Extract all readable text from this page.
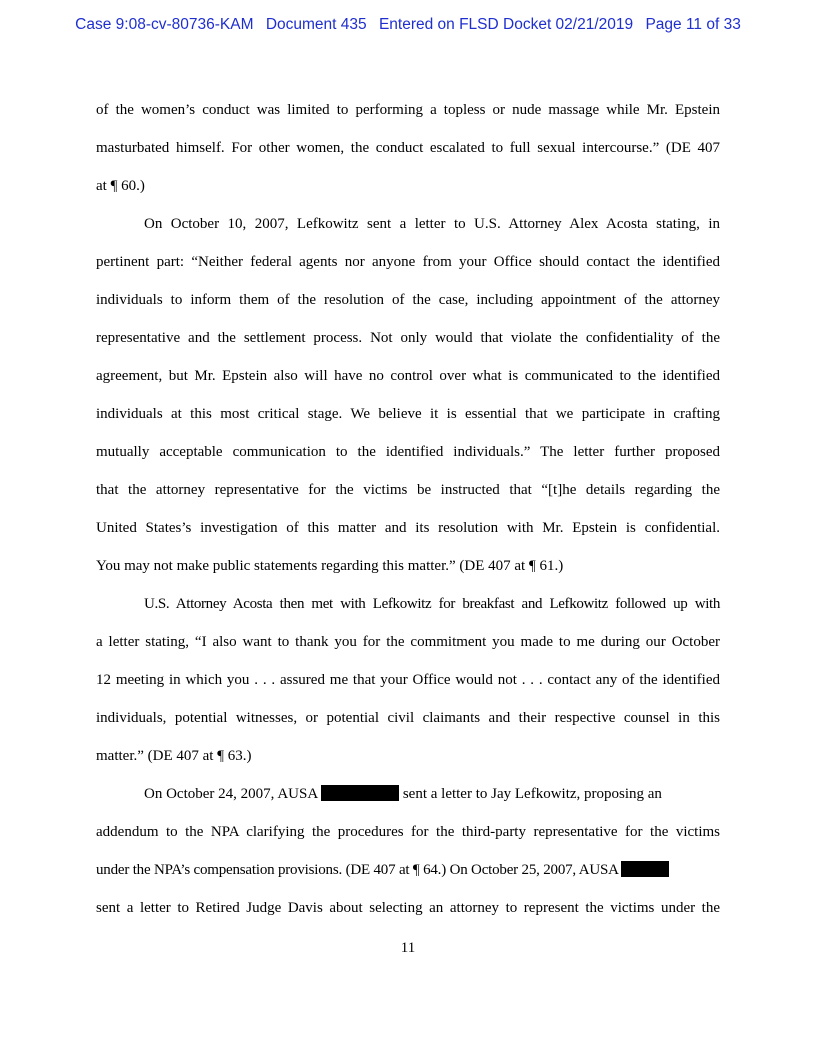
Case 9:08-cv-80736-KAM Document 435 Entered on FLSD Docket 02/21/2019 Page 11 of 33

of the women’s conduct was limited to performing a topless or nude massage while Mr. Epstein
masturbated himself. For other women, the conduct escalated to full sexual intercourse.” (DE 407
at ¶ 60.)

On October 10, 2007, Lefkowitz sent a letter to U.S. Attorney Alex Acosta stating, in
pertinent part: “Neither federal agents nor anyone from your Office should contact the identified
individuals to inform them of the resolution of the case, including appointment of the attorney
representative and the settlement process. Not only would that violate the confidentiality of the
agreement, but Mr. Epstein also will have no control over what is communicated to the identified
individuals at this most critical stage. We believe it is essential that we participate in crafting
mutually acceptable communication to the identified individuals.” The letter further proposed
that the attorney representative for the victims be instructed that “[t]he details regarding the
United States’s investigation of this matter and its resolution with Mr. Epstein is confidential.
You may not make public statements regarding this matter.” (DE 407 at ¶ 61.)

U.S. Attorney Acosta then met with Lefkowitz for breakfast and Lefkowitz followed up with
a letter stating, “I also want to thank you for the commitment you made to me during our October
12 meeting in which you . . . assured me that your Office would not . . . contact any of the identified
individuals, potential witnesses, or potential civil claimants and their respective counsel in this
matter.” (DE 407 at ¶ 63.)

On October 24, 2007, AUSA	sent a letter to Jay Lefkowitz, proposing an
addendum to the NPA clarifying the procedures for the third-party representative for the victims
under the NPA’s compensation provisions. (DE 407 at ¶ 64.) On October 25, 2007, AUSA
sent a letter to Retired Judge Davis about selecting an attorney to represent the victims under the

11
